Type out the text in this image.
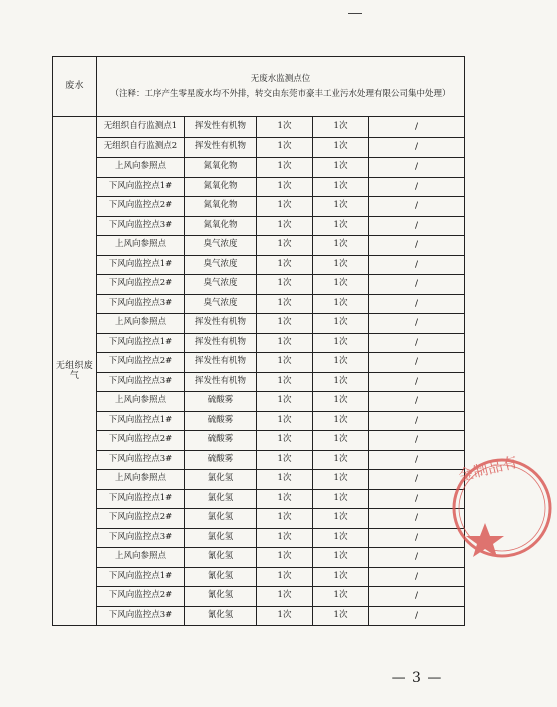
废水	无废水监测点位
（注释：工序产生零星废水均不外排，转交由东莞市豪丰工业污水处理有限公司集中处理）				

无组织废气	无组织自行监测点1	挥发性有机物	1次	1次	/
	无组织自行监测点2	挥发性有机物	1次	1次	/
	上风向参照点	氮氧化物	1次	1次	/
	下风向监控点1#	氮氧化物	1次	1次	/
	下风向监控点2#	氮氧化物	1次	1次	/
	下风向监控点3#	氮氧化物	1次	1次	/
	上风向参照点	臭气浓度	1次	1次	/
	下风向监控点1#	臭气浓度	1次	1次	/
	下风向监控点2#	臭气浓度	1次	1次	/
	下风向监控点3#	臭气浓度	1次	1次	/
	上风向参照点	挥发性有机物	1次	1次	/
	下风向监控点1#	挥发性有机物	1次	1次	/
	下风向监控点2#	挥发性有机物	1次	1次	/
	下风向监控点3#	挥发性有机物	1次	1次	/
	上风向参照点	硫酸雾	1次	1次	/
	下风向监控点1#	硫酸雾	1次	1次	/
	下风向监控点2#	硫酸雾	1次	1次	/
	下风向监控点3#	硫酸雾	1次	1次	/
	上风向参照点	氯化氢	1次	1次	/
	下风向监控点1#	氯化氢	1次	1次	/
	下风向监控点2#	氯化氢	1次	1次	/
	下风向监控点3#	氯化氢	1次	1次	/
	上风向参照点	氰化氢	1次	1次	/
	下风向监控点1#	氰化氢	1次	1次	/
	下风向监控点2#	氰化氢	1次	1次	/
	下风向监控点3#	氰化氢	1次	1次	/
— 3 —
金制品有
